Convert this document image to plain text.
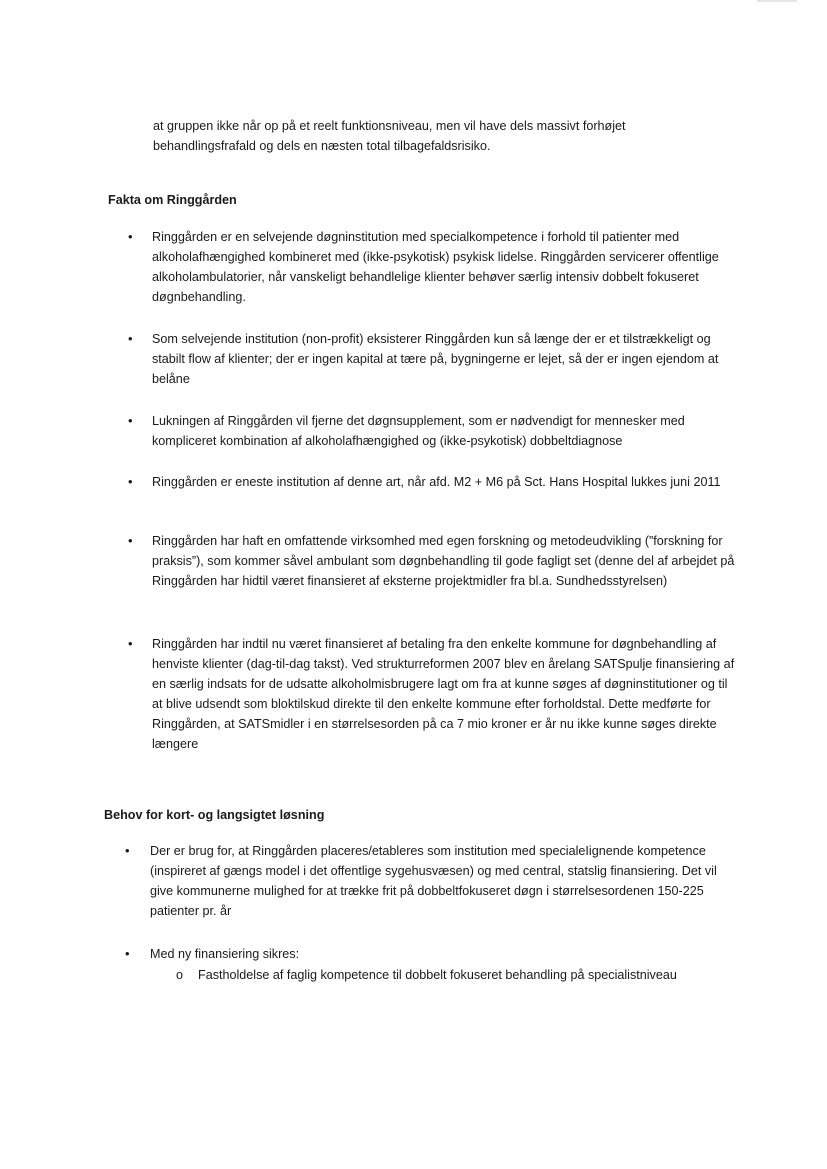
at gruppen ikke når op på et reelt funktionsniveau, men vil have dels massivt forhøjet behandlingsfrafald og dels en næsten total tilbagefaldsrisiko.

Fakta om Ringgården
• Ringgården er en selvejende døgninstitution med specialkompetence i forhold til patienter med alkoholafhængighed kombineret med (ikke-psykotisk) psykisk lidelse. Ringgården servicerer offentlige alkoholambulatorier, når vanskeligt behandlelige klienter behøver særlig intensiv dobbelt fokuseret døgnbehandling.
• Som selvejende institution (non-profit) eksisterer Ringgården kun så længe der er et tilstrækkeligt og stabilt flow af klienter; der er ingen kapital at tære på, bygningerne er lejet, så der er ingen ejendom at belåne
• Lukningen af Ringgården vil fjerne det døgnsupplement, som er nødvendigt for mennesker med kompliceret kombination af alkoholafhængighed og (ikke-psykotisk) dobbeltdiagnose
• Ringgården er eneste institution af denne art, når afd. M2 + M6 på Sct. Hans Hospital lukkes juni 2011
• Ringgården har haft en omfattende virksomhed med egen forskning og metodeudvikling (”forskning for praksis”), som kommer såvel ambulant som døgnbehandling til gode fagligt set (denne del af arbejdet på Ringgården har hidtil været finansieret af eksterne projektmidler fra bl.a. Sundhedsstyrelsen)
• Ringgården har indtil nu været finansieret af betaling fra den enkelte kommune for døgnbehandling af henviste klienter (dag-til-dag takst). Ved strukturreformen 2007 blev en årelang SATSpulje finansiering af en særlig indsats for de udsatte alkoholmisbrugere lagt om fra at kunne søges af døgninstitutioner og til at blive udsendt som bloktilskud direkte til den enkelte kommune efter forholdstal. Dette medførte for Ringgården, at SATSmidler i en størrelsesorden på ca 7 mio kroner er år nu ikke kunne søges direkte længere
Behov for kort- og langsigtet løsning
• Der er brug for, at Ringgården placeres/etableres som institution med specialeIignende kompetence (inspireret af gængs model i det offentlige sygehusvæsen) og med central, statslig finansiering. Det vil give kommunerne mulighed for at trække frit på dobbeltfokuseret døgn i størrelsesordenen 150-225 patienter pr. år
• Med ny finansiering sikres:
o Fastholdelse af faglig kompetence til dobbelt fokuseret behandling på specialistniveau
